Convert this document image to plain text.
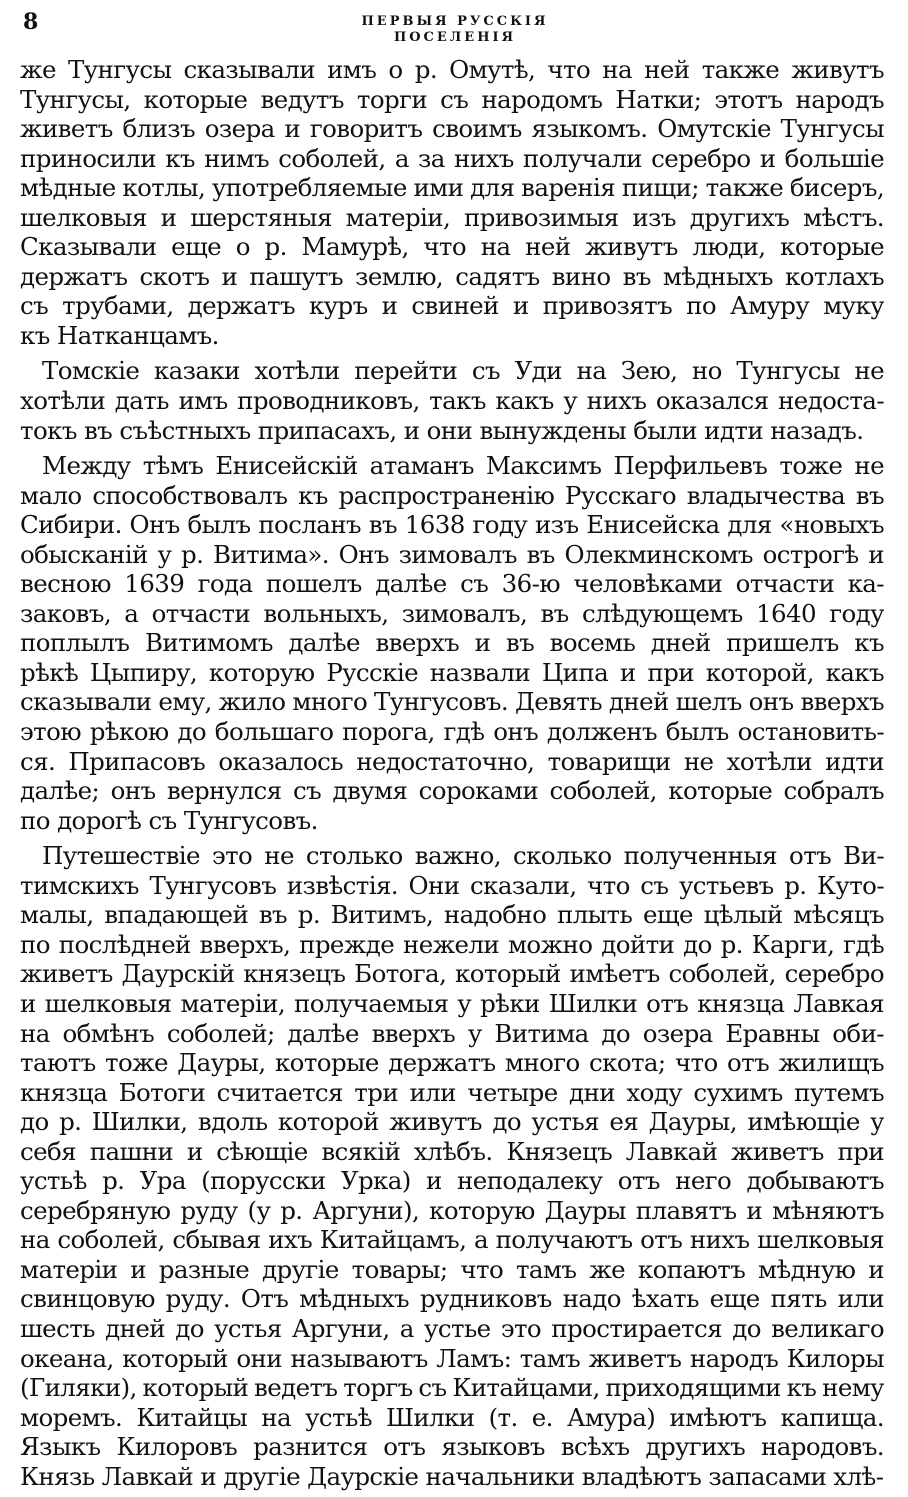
8	ПЕРВЫЯ РУССКІЯ ПОСЕЛЕНІЯ
же Тунгусы сказывали имъ о р. Омутѣ, что на ней также живутъ
Тунгусы, которые ведутъ торги съ народомъ Натки; этотъ народъ
живетъ близъ озера и говоритъ своимъ языкомъ. Омутскіе Тунгусы
приносили къ нимъ соболей, а за нихъ получали серебро и большіе
мѣдные котлы, употребляемые ими для варенія пищи; также бисеръ,
шелковыя и шерстяныя матеріи, привозимыя изъ другихъ мѣстъ.
Сказывали еще о р. Мамурѣ, что на ней живутъ люди, которые
держатъ скотъ и пашутъ землю, садятъ вино въ мѣдныхъ котлахъ
съ трубами, держатъ куръ и свиней и привозятъ по Амуру муку
къ Натканцамъ.
Томскіе казаки хотѣли перейти съ Уди на Зею, но Тунгусы не
хотѣли дать имъ проводниковъ, такъ какъ у нихъ оказался недоста-
токъ въ съѣстныхъ припасахъ, и они вынуждены были идти назадъ.
Между тѣмъ Енисейскій атаманъ Максимъ Перфильевъ тоже не
мало способствовалъ къ распространенію Русскаго владычества въ
Сибири. Онъ былъ посланъ въ 1638 году изъ Енисейска для «новыхъ
обысканій у р. Витима». Онъ зимовалъ въ Олекминскомъ острогѣ и
весною 1639 года пошелъ далѣе съ 36-ю человѣками отчасти ка-
заковъ, а отчасти вольныхъ, зимовалъ, въ слѣдующемъ 1640 году
поплылъ Витимомъ далѣе вверхъ и въ восемь дней пришелъ къ
рѣкѣ Цыпиру, которую Русскіе назвали Ципа и при которой, какъ
сказывали ему, жило много Тунгусовъ. Девять дней шелъ онъ вверхъ
этою рѣкою до большаго порога, гдѣ онъ долженъ былъ остановить-
ся. Припасовъ оказалось недостаточно, товарищи не хотѣли идти
далѣе; онъ вернулся съ двумя сороками соболей, которые собралъ
по дорогѣ съ Тунгусовъ.
Путешествіе это не столько важно, сколько полученныя отъ Ви-
тимскихъ Тунгусовъ извѣстія. Они сказали, что съ устьевъ р. Куто-
малы, впадающей въ р. Витимъ, надобно плыть еще цѣлый мѣсяцъ
по послѣдней вверхъ, прежде нежели можно дойти до р. Карги, гдѣ
живетъ Даурскій князецъ Ботога, который имѣетъ соболей, серебро
и шелковыя матеріи, получаемыя у рѣки Шилки отъ князца Лавкая
на обмѣнъ соболей; далѣе вверхъ у Витима до озера Еравны оби-
таютъ тоже Дауры, которые держатъ много скота; что отъ жилищъ
князца Ботоги считается три или четыре дни ходу сухимъ путемъ
до р. Шилки, вдоль которой живутъ до устья ея Дауры, имѣющіе у
себя пашни и сѣющіе всякій хлѣбъ. Князецъ Лавкай живетъ при
устьѣ р. Ура (порусски Урка) и неподалеку отъ него добываютъ
серебряную руду (у р. Аргуни), которую Дауры плавятъ и мѣняютъ
на соболей, сбывая ихъ Китайцамъ, а получаютъ отъ нихъ шелковыя
матеріи и разные другіе товары; что тамъ же копаютъ мѣдную и
свинцовую руду. Отъ мѣдныхъ рудниковъ надо ѣхать еще пять или
шесть дней до устья Аргуни, а устье это простирается до великаго
океана, который они называютъ Ламъ: тамъ живетъ народъ Килоры
(Гиляки), который ведетъ торгъ съ Китайцами, приходящими къ нему
моремъ. Китайцы на устьѣ Шилки (т. е. Амура) имѣютъ капища.
Языкъ Килоровъ разнится отъ языковъ всѣхъ другихъ народовъ.
Князь Лавкай и другіе Даурскіе начальники владѣютъ запасами хлѣ-
